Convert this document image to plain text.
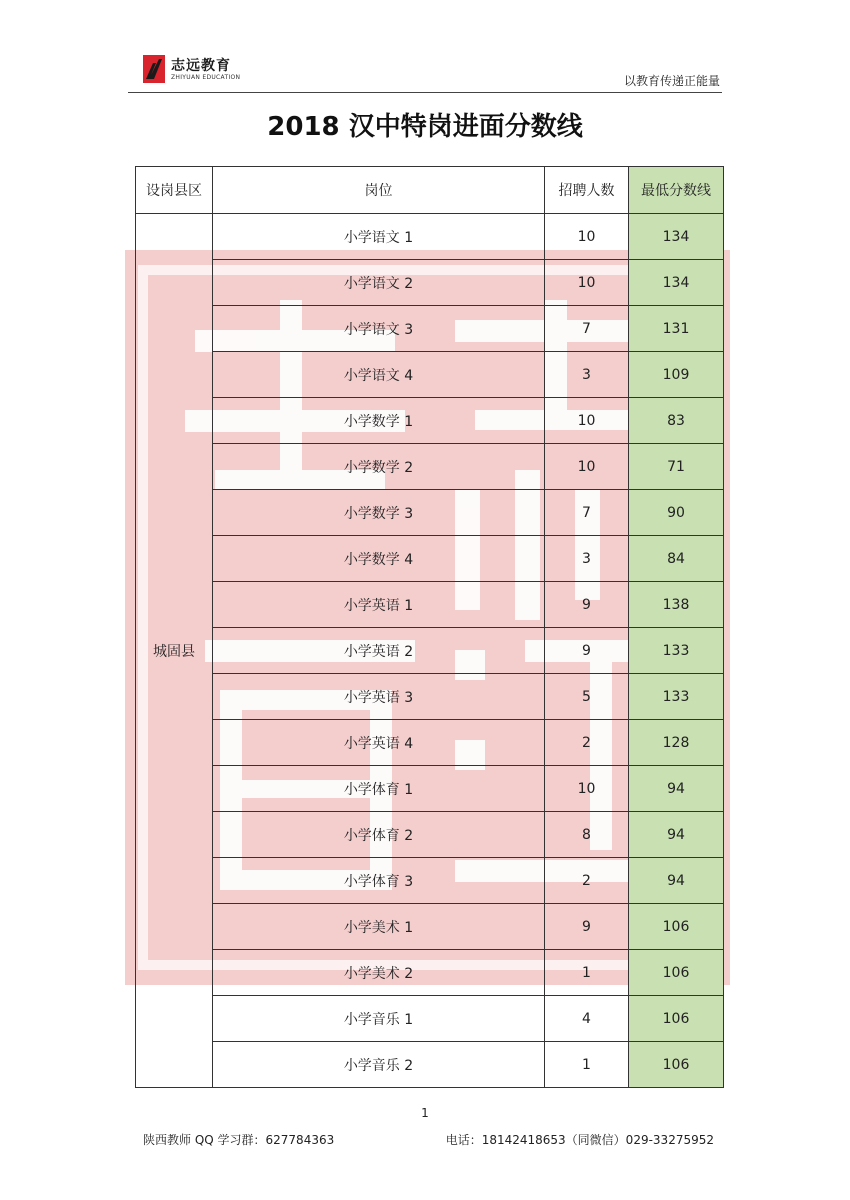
志远教育
ZHIYUAN EDUCATION	以教育传递正能量
2018 汉中特岗进面分数线
设岗县区	岗位	招聘人数	最低分数线
城固县	小学语文 1	10	134
	小学语文 2	10	134
	小学语文 3	7	131
	小学语文 4	3	109
	小学数学 1	10	83
	小学数学 2	10	71
	小学数学 3	7	90
	小学数学 4	3	84
	小学英语 1	9	138
	小学英语 2	9	133
	小学英语 3	5	133
	小学英语 4	2	128
	小学体育 1	10	94
	小学体育 2	8	94
	小学体育 3	2	94
	小学美术 1	9	106
	小学美术 2	1	106
	小学音乐 1	4	106
	小学音乐 2	1	106
1
陕西教师 QQ 学习群：627784363	电话：18142418653（同微信）029-33275952
